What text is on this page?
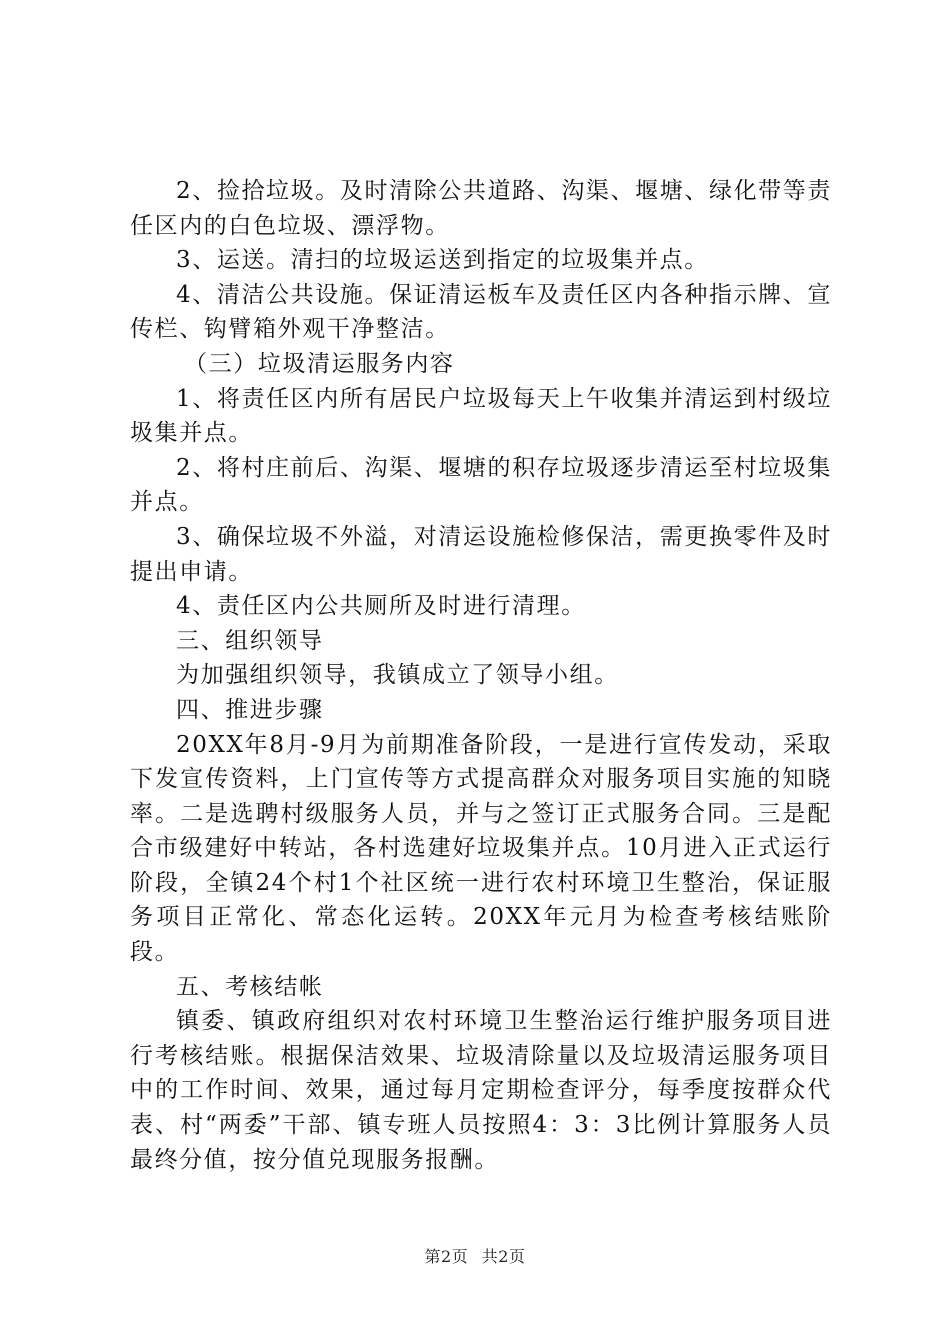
2、捡拾垃圾。及时清除公共道路、沟渠、堰塘、绿化带等责任区内的白色垃圾、漂浮物。

3、运送。清扫的垃圾运送到指定的垃圾集并点。

4、清洁公共设施。保证清运板车及责任区内各种指示牌、宣传栏、钩臂箱外观干净整洁。

（三）垃圾清运服务内容

1、将责任区内所有居民户垃圾每天上午收集并清运到村级垃圾集并点。

2、将村庄前后、沟渠、堰塘的积存垃圾逐步清运至村垃圾集并点。

3、确保垃圾不外溢，对清运设施检修保洁，需更换零件及时提出申请。

4、责任区内公共厕所及时进行清理。

三、组织领导

为加强组织领导，我镇成立了领导小组。

四、推进步骤

20XX年8月-9月为前期准备阶段，一是进行宣传发动，采取下发宣传资料，上门宣传等方式提高群众对服务项目实施的知晓率。二是选聘村级服务人员，并与之签订正式服务合同。三是配合市级建好中转站，各村选建好垃圾集并点。10月进入正式运行阶段，全镇24个村1个社区统一进行农村环境卫生整治，保证服务项目正常化、常态化运转。20XX年元月为检查考核结账阶段。

五、考核结帐

镇委、镇政府组织对农村环境卫生整治运行维护服务项目进行考核结账。根据保洁效果、垃圾清除量以及垃圾清运服务项目中的工作时间、效果，通过每月定期检查评分，每季度按群众代表、村“两委”干部、镇专班人员按照4：3：3比例计算服务人员最终分值，按分值兑现服务报酬。

第2页 共2页
